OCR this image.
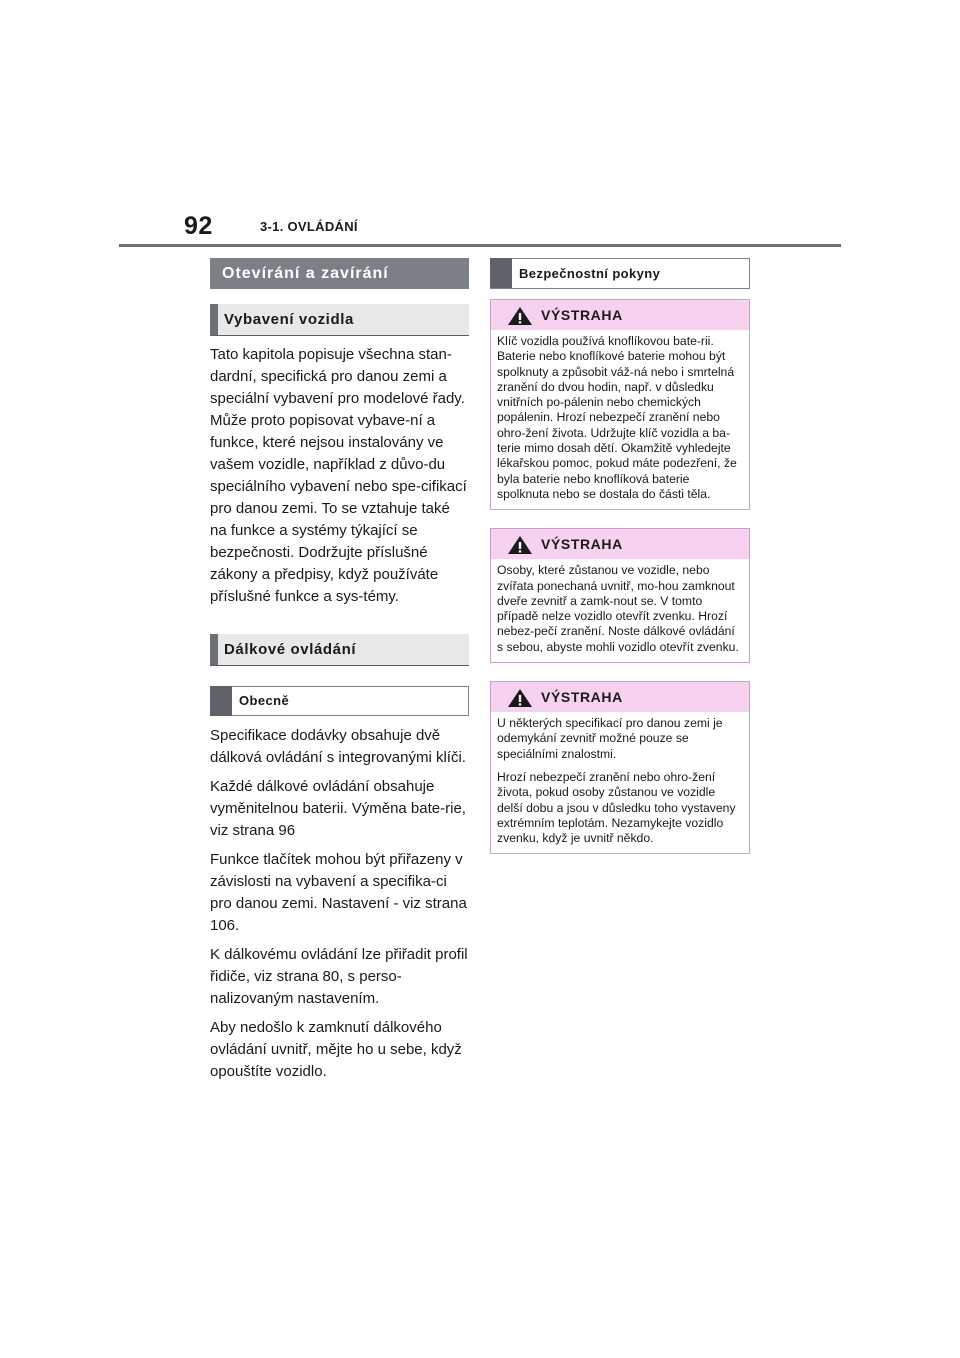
92	3-1. OVLÁDÁNÍ
Otevírání a zavírání
Vybavení vozidla

Tato kapitola popisuje všechna stan-dardní, specifická pro danou zemi a speciální vybavení pro modelové řady. Může proto popisovat vybave-ní a funkce, které nejsou instalovány ve vašem vozidle, například z důvo-du speciálního vybavení nebo spe-cifikací pro danou zemi. To se vztahuje také na funkce a systémy týkající se bezpečnosti. Dodržujte příslušné zákony a předpisy, když používáte příslušné funkce a sys-témy.

Dálkové ovládání
Obecně

Specifikace dodávky obsahuje dvě dálková ovládání s integrovanými klíči.

Každé dálkové ovládání obsahuje vyměnitelnou baterii. Výměna bate-rie, viz strana 96

Funkce tlačítek mohou být přiřazeny v závislosti na vybavení a specifika-ci pro danou zemi. Nastavení - viz strana 106.

K dálkovému ovládání lze přiřadit profil řidiče, viz strana 80, s perso-nalizovaným nastavením.

Aby nedošlo k zamknutí dálkového ovládání uvnitř, mějte ho u sebe, když opouštíte vozidlo.

Bezpečnostní pokyny
VÝSTRAHA

Klíč vozidla používá knoflíkovou bate-rii. Baterie nebo knoflíkové baterie mohou být spolknuty a způsobit váž-ná nebo i smrtelná zranění do dvou hodin, např. v důsledku vnitřních po-pálenin nebo chemických popálenin. Hrozí nebezpečí zranění nebo ohro-žení života. Udržujte klíč vozidla a ba-terie mimo dosah dětí. Okamžitě vyhledejte lékařskou pomoc, pokud máte podezření, že byla baterie nebo knoflíková baterie spolknuta nebo se dostala do části těla.

VÝSTRAHA

Osoby, které zůstanou ve vozidle, nebo zvířata ponechaná uvnitř, mo-hou zamknout dveře zevnitř a zamk-nout se. V tomto případě nelze vozidlo otevřít zvenku. Hrozí nebez-pečí zranění. Noste dálkové ovládání s sebou, abyste mohli vozidlo otevřít zvenku.

VÝSTRAHA

U některých specifikací pro danou zemi je odemykání zevnitř možné pouze se speciálními znalostmi.

Hrozí nebezpečí zranění nebo ohro-žení života, pokud osoby zůstanou ve vozidle delší dobu a jsou v důsledku toho vystaveny extrémním teplotám. Nezamykejte vozidlo zvenku, když je uvnitř někdo.
